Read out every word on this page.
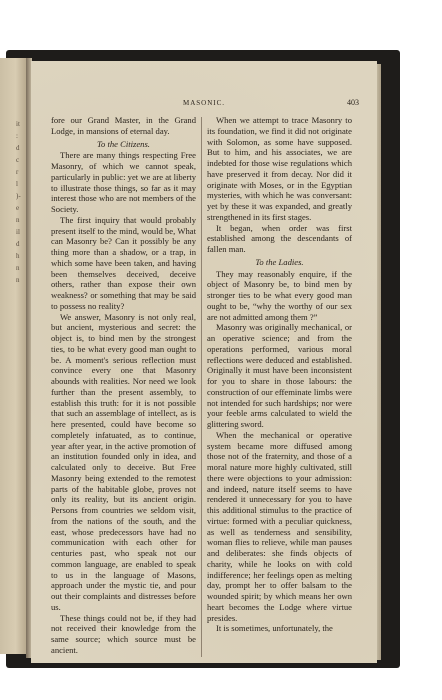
it
:
d
c
r
l
)-
e
n
il
d
h
n
n
MASONIC.	403

fore our Grand Master, in the Grand Lodge, in mansions of eternal day.

To the Citizens.

There are many things respecting Free Masonry, of which we cannot speak, particularly in public: yet we are at liberty to illustrate those things, so far as it may interest those who are not members of the Society.

The first inquiry that would probably present itself to the mind, would be, What can Masonry be? Can it possibly be any thing more than a shadow, or a trap, in which some have been taken, and having been themselves deceived, deceive others, rather than expose their own weakness? or something that may be said to possess no reality?

We answer, Masonry is not only real, but ancient, mysterious and secret: the object is, to bind men by the strongest ties, to be what every good man ought to be. A moment's serious reflection must convince every one that Masonry abounds with realities. Nor need we look further than the present assembly, to establish this truth: for it is not possible that such an assemblage of intellect, as is here presented, could have become so completely infatuated, as to continue, year after year, in the active promotion of an institution founded only in idea, and calculated only to deceive. But Free Masonry being extended to the remotest parts of the habitable globe, proves not only its reality, but its ancient origin. Persons from countries we seldom visit, from the nations of the south, and the east, whose predecessors have had no communication with each other for centuries past, who speak not our common language, are enabled to speak to us in the language of Masons, approach under the mystic tie, and pour out their complaints and distresses before us.

These things could not be, if they had not received their knowledge from the same source; which source must be ancient.

When we attempt to trace Masonry to its foundation, we find it did not originate with Solomon, as some have supposed. But to him, and his associates, we are indebted for those wise regulations which have preserved it from decay. Nor did it originate with Moses, or in the Egyptian mysteries, with which he was conversant: yet by these it was expanded, and greatly strengthened in its first stages.

It began, when order was first established among the descendants of fallen man.

To the Ladies.

They may reasonably enquire, if the object of Masonry be, to bind men by stronger ties to be what every good man ought to be, “why the worthy of our sex are not admitted among them ?”

Masonry was originally mechanical, or an operative science; and from the operations performed, various moral reflections were deduced and established. Originally it must have been inconsistent for you to share in those labours: the construction of our effeminate limbs were not intended for such hardships; nor were your feeble arms calculated to wield the glittering sword.

When the mechanical or operative system became more diffused among those not of the fraternity, and those of a moral nature more highly cultivated, still there were objections to your admission: and indeed, nature itself seems to have rendered it unnecessary for you to have this additional stimulus to the practice of virtue: formed with a peculiar quickness, as well as tenderness and sensibility, woman flies to relieve, while man pauses and deliberates: she finds objects of charity, while he looks on with cold indifference; her feelings open as melting day, prompt her to offer balsam to the wounded spirit; by which means her own heart becomes the Lodge where virtue presides.

It is sometimes, unfortunately, the
